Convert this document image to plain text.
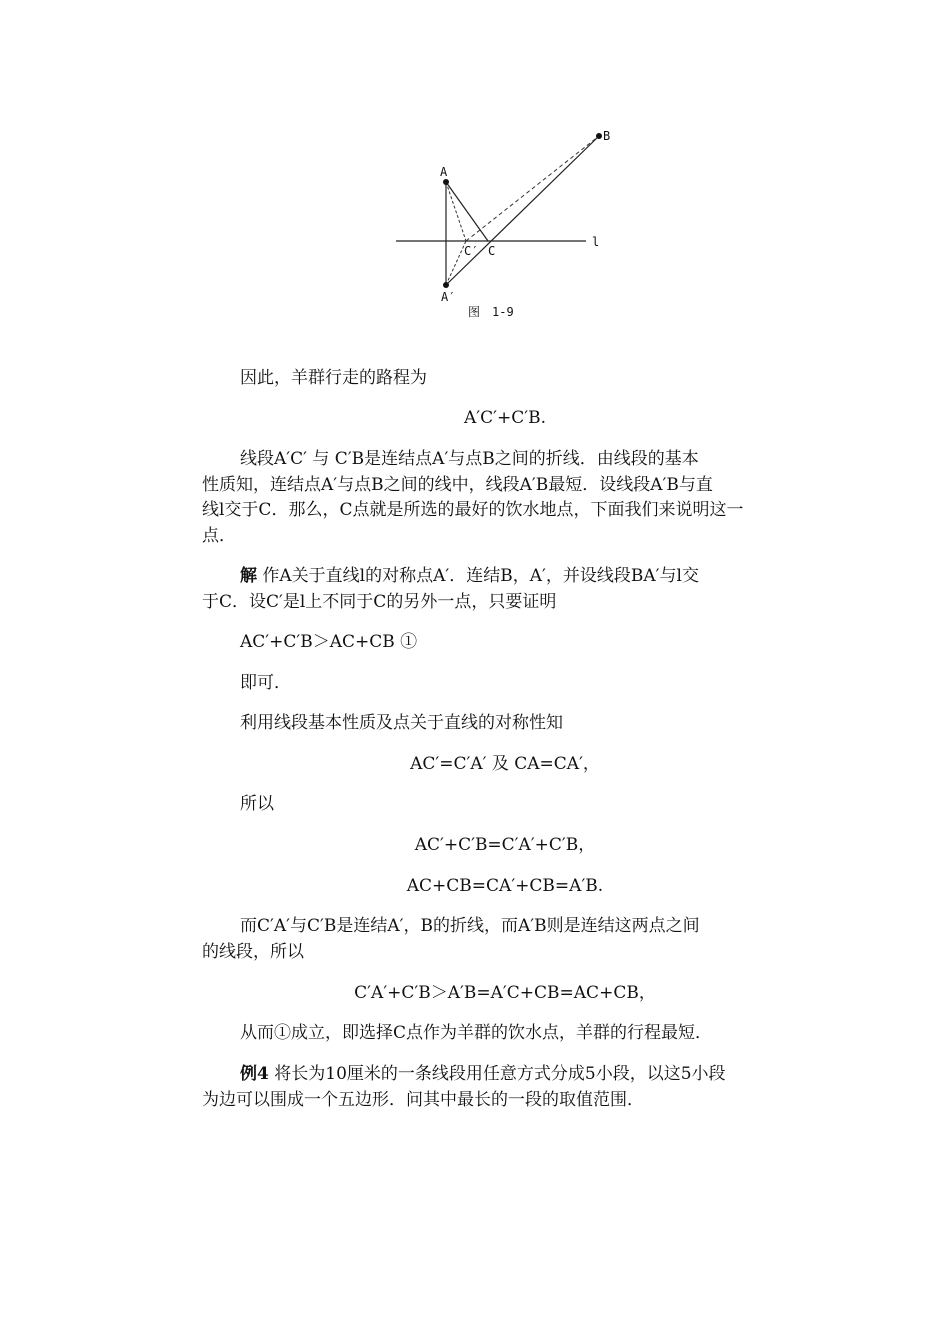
A
B
C
C′
A′
l
图　1-9
因此，羊群行走的路程为
A′C′+C′B.
线段A′C′ 与 C′B是连结点A′与点B之间的折线．由线段的基本
性质知，连结点A′与点B之间的线中，线段A′B最短．设线段A′B与直
线l交于C．那么，C点就是所选的最好的饮水地点，下面我们来说明这一
点．
解 作A关于直线l的对称点A′．连结B，A′，并设线段BA′与l交
于C．设C′是l上不同于C的另外一点，只要证明
AC′+C′B＞AC+CB ①
即可．
利用线段基本性质及点关于直线的对称性知
AC′=C′A′ 及 CA=CA′，
所以
AC′+C′B=C′A′+C′B，
AC+CB=CA′+CB=A′B.
而C′A′与C′B是连结A′，B的折线，而A′B则是连结这两点之间
的线段，所以
C′A′+C′B＞A′B=A′C+CB=AC+CB，
从而①成立，即选择C点作为羊群的饮水点，羊群的行程最短．
例4 将长为10厘米的一条线段用任意方式分成5小段，以这5小段
为边可以围成一个五边形．问其中最长的一段的取值范围．
